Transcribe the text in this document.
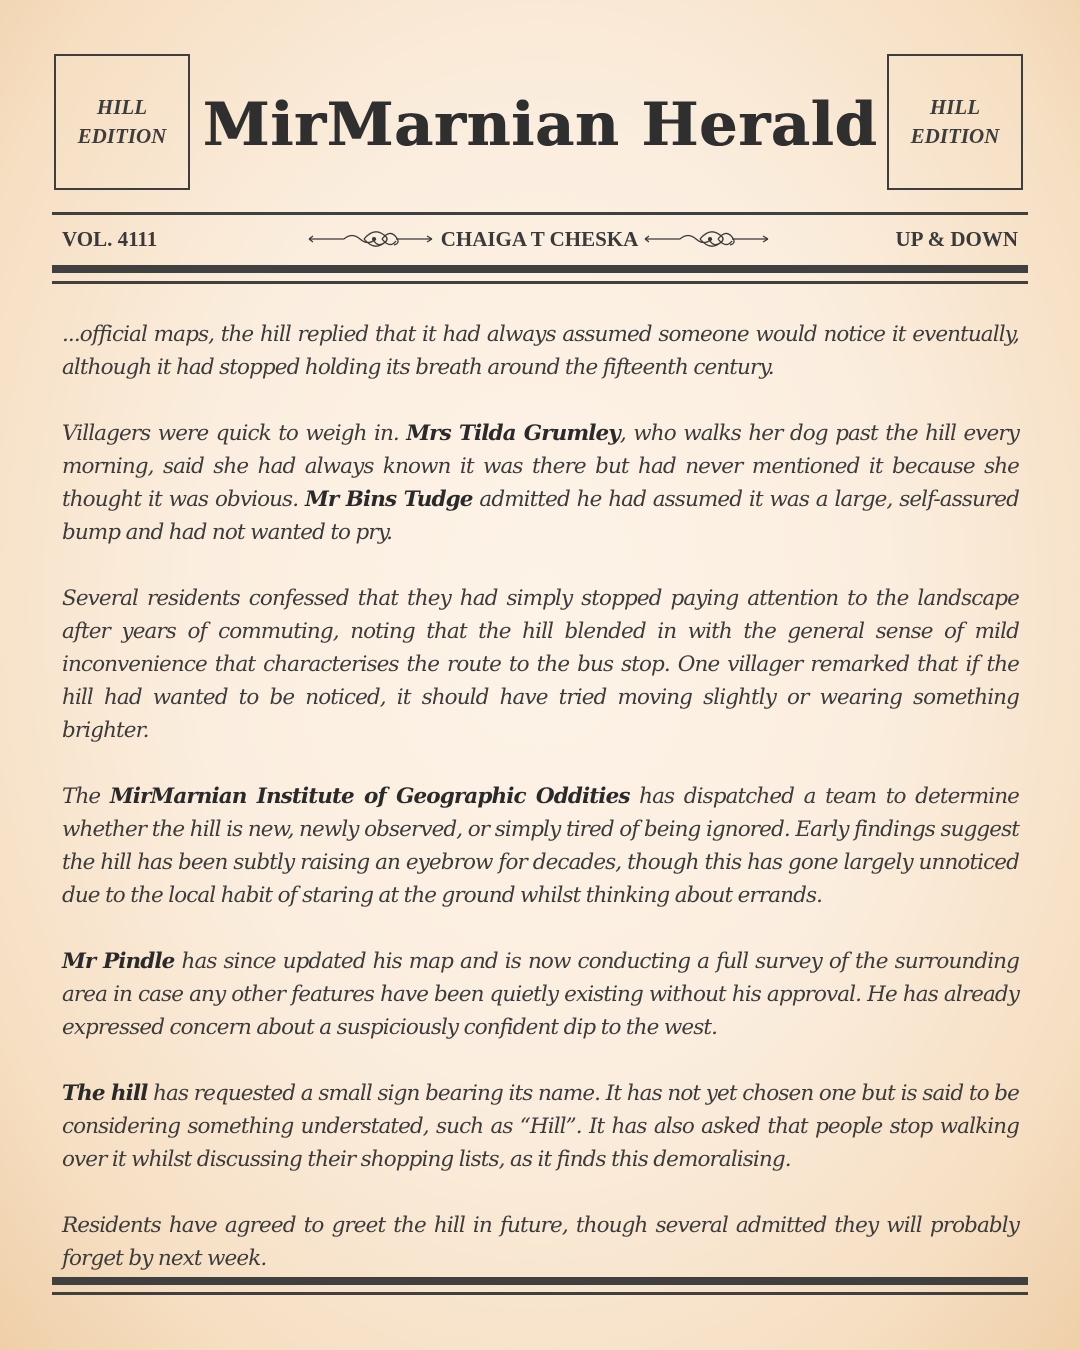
HILL
EDITION MirMarnian Herald	HILL
EDITION
VOL. 4111	CHAIGA T CHESKA	UP & DOWN

...official maps, the hill replied that it had always assumed someone would notice it eventually, although it had stopped holding its breath around the fifteenth century.

Villagers were quick to weigh in. Mrs Tilda Grumley, who walks her dog past the hill every morning, said she had always known it was there but had never mentioned it because she thought it was obvious. Mr Bins Tudge admitted he had assumed it was a large, self-assured bump and had not wanted to pry.

Several residents confessed that they had simply stopped paying attention to the landscape after years of commuting, noting that the hill blended in with the general sense of mild inconvenience that characterises the route to the bus stop. One villager remarked that if the hill had wanted to be noticed, it should have tried moving slightly or wearing something brighter.

The MirMarnian Institute of Geographic Oddities has dispatched a team to determine whether the hill is new, newly observed, or simply tired of being ignored. Early findings suggest the hill has been subtly raising an eyebrow for decades, though this has gone largely unnoticed due to the local habit of staring at the ground whilst thinking about errands.

Mr Pindle has since updated his map and is now conducting a full survey of the surrounding area in case any other features have been quietly existing without his approval. He has already expressed concern about a suspiciously confident dip to the west.

The hill has requested a small sign bearing its name. It has not yet chosen one but is said to be considering something understated, such as “Hill”. It has also asked that people stop walking over it whilst discussing their shopping lists, as it finds this demoralising.

Residents have agreed to greet the hill in future, though several admitted they will probably forget by next week.
